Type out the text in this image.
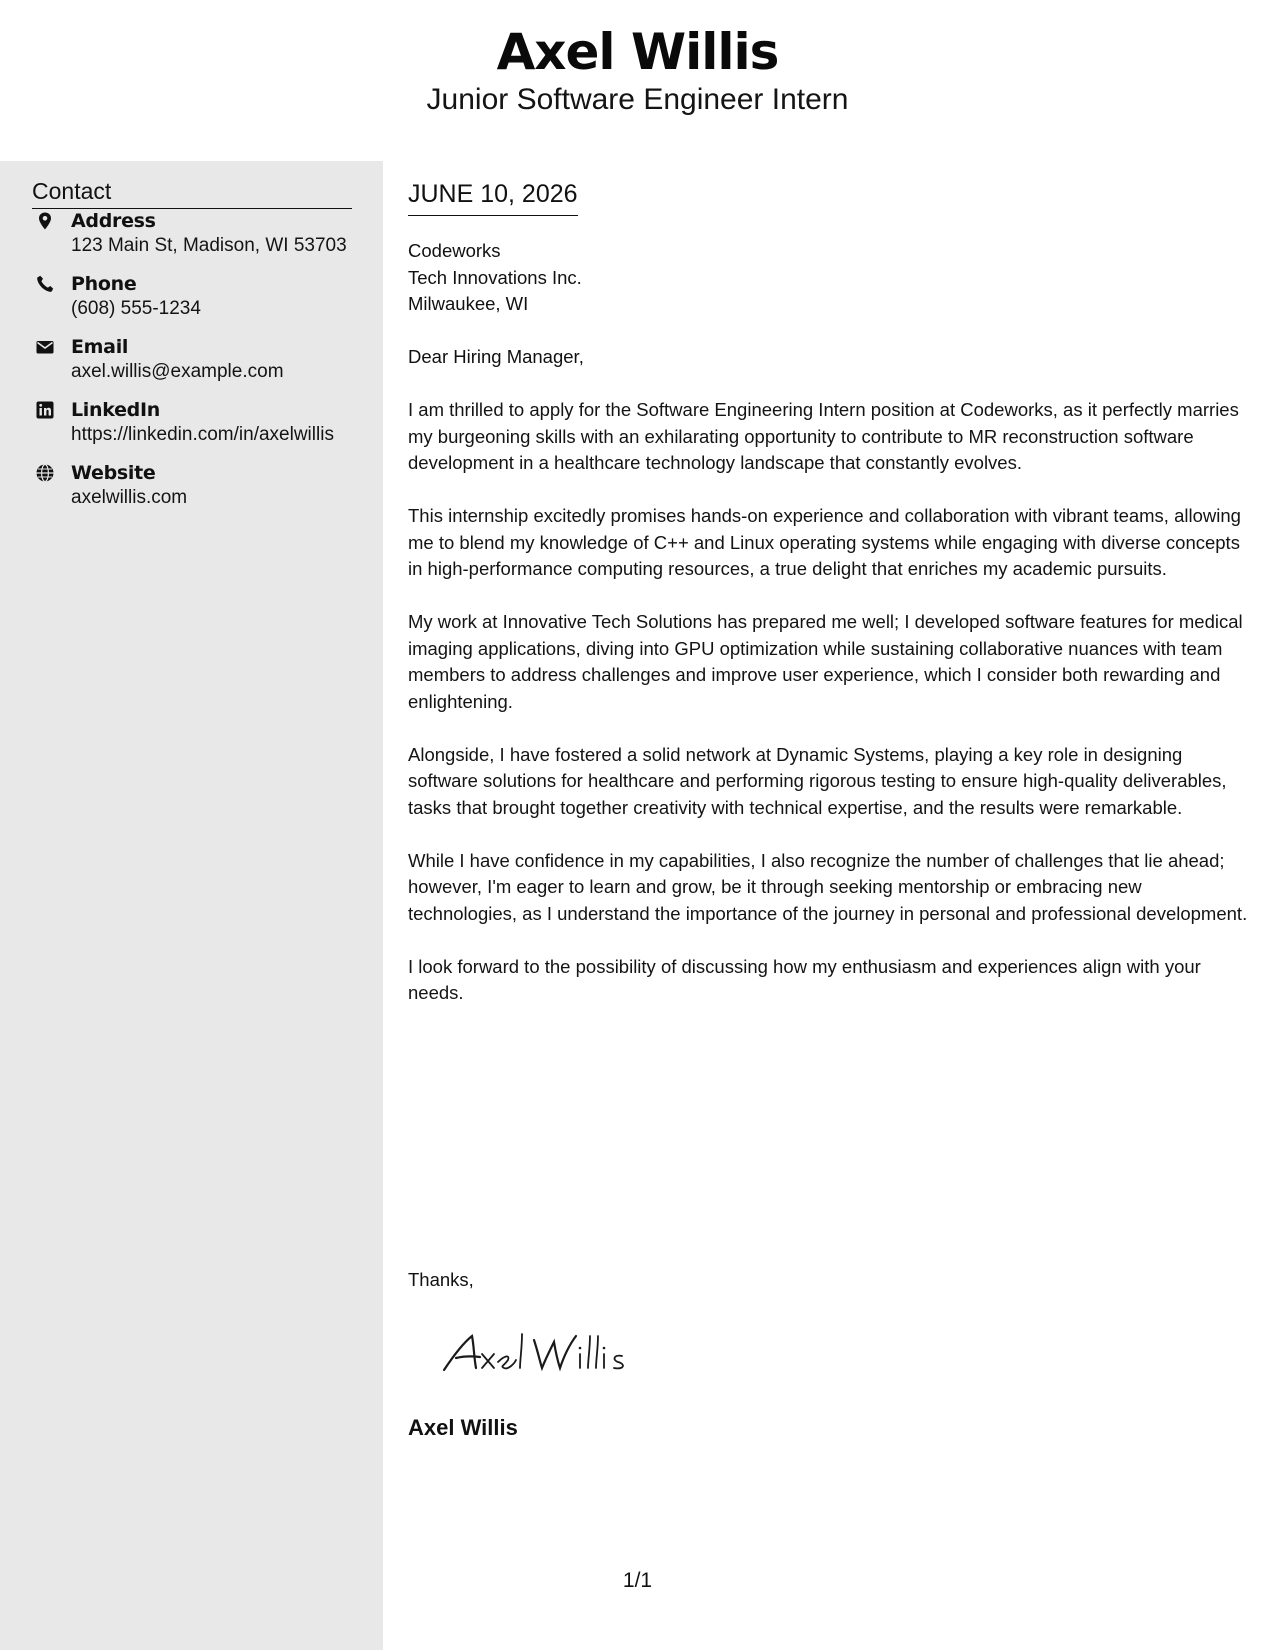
Axel Willis
Junior Software Engineer Intern
Contact
Address
123 Main St, Madison, WI 53703
Phone
(608) 555-1234
Email
axel.willis@example.com
LinkedIn
https://linkedin.com/in/axelwillis
Website
axelwillis.com
JUNE 10, 2026
Codeworks
Tech Innovations Inc.
Milwaukee, WI
Dear Hiring Manager,

I am thrilled to apply for the Software Engineering Intern position at Codeworks, as it perfectly marries my burgeoning skills with an exhilarating opportunity to contribute to MR reconstruction software development in a healthcare technology landscape that constantly evolves.

This internship excitedly promises hands-on experience and collaboration with vibrant teams, allowing me to blend my knowledge of C++ and Linux operating systems while engaging with diverse concepts in high-performance computing resources, a true delight that enriches my academic pursuits.

My work at Innovative Tech Solutions has prepared me well; I developed software features for medical imaging applications, diving into GPU optimization while sustaining collaborative nuances with team members to address challenges and improve user experience, which I consider both rewarding and enlightening.

Alongside, I have fostered a solid network at Dynamic Systems, playing a key role in designing software solutions for healthcare and performing rigorous testing to ensure high-quality deliverables, tasks that brought together creativity with technical expertise, and the results were remarkable.

While I have confidence in my capabilities, I also recognize the number of challenges that lie ahead; however, I'm eager to learn and grow, be it through seeking mentorship or embracing new technologies, as I understand the importance of the journey in personal and professional development.

I look forward to the possibility of discussing how my enthusiasm and experiences align with your needs.

Thanks,
Axel Willis
1/1
